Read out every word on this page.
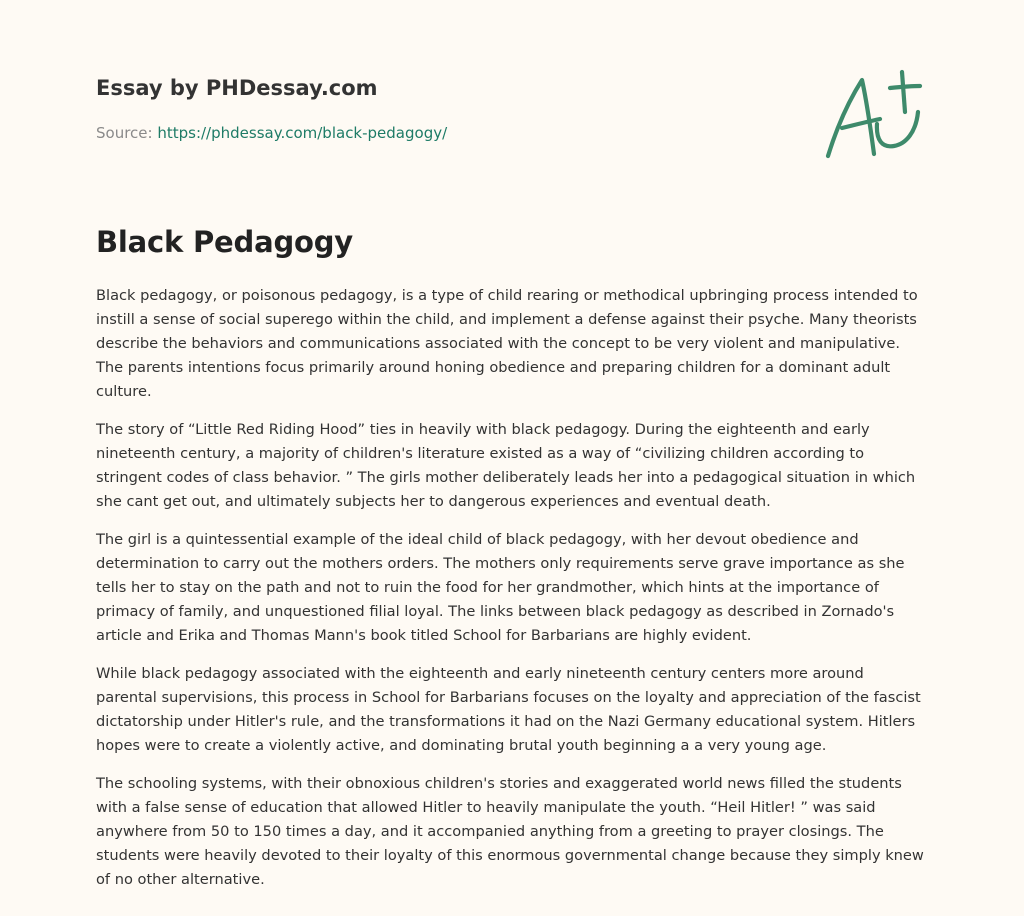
Essay by PHDessay.com

Source: https://phdessay.com/black-pedagogy/

Black Pedagogy

Black pedagogy, or poisonous pedagogy, is a type of child rearing or methodical upbringing process intended to instill a sense of social superego within the child, and implement a defense against their psyche. Many theorists describe the behaviors and communications associated with the concept to be very violent and manipulative. The parents intentions focus primarily around honing obedience and preparing children for a dominant adult culture.

The story of “Little Red Riding Hood” ties in heavily with black pedagogy. During the eighteenth and early nineteenth century, a majority of children's literature existed as a way of “civilizing children according to stringent codes of class behavior. ” The girls mother deliberately leads her into a pedagogical situation in which she cant get out, and ultimately subjects her to dangerous experiences and eventual death.

The girl is a quintessential example of the ideal child of black pedagogy, with her devout obedience and determination to carry out the mothers orders. The mothers only requirements serve grave importance as she tells her to stay on the path and not to ruin the food for her grandmother, which hints at the importance of primacy of family, and unquestioned filial loyal. The links between black pedagogy as described in Zornado's article and Erika and Thomas Mann's book titled School for Barbarians are highly evident.

While black pedagogy associated with the eighteenth and early nineteenth century centers more around parental supervisions, this process in School for Barbarians focuses on the loyalty and appreciation of the fascist dictatorship under Hitler's rule, and the transformations it had on the Nazi Germany educational system. Hitlers hopes were to create a violently active, and dominating brutal youth beginning a a very young age.

The schooling systems, with their obnoxious children's stories and exaggerated world news filled the students with a false sense of education that allowed Hitler to heavily manipulate the youth. “Heil Hitler! ” was said anywhere from 50 to 150 times a day, and it accompanied anything from a greeting to prayer closings. The students were heavily devoted to their loyalty of this enormous governmental change because they simply knew of no other alternative.
